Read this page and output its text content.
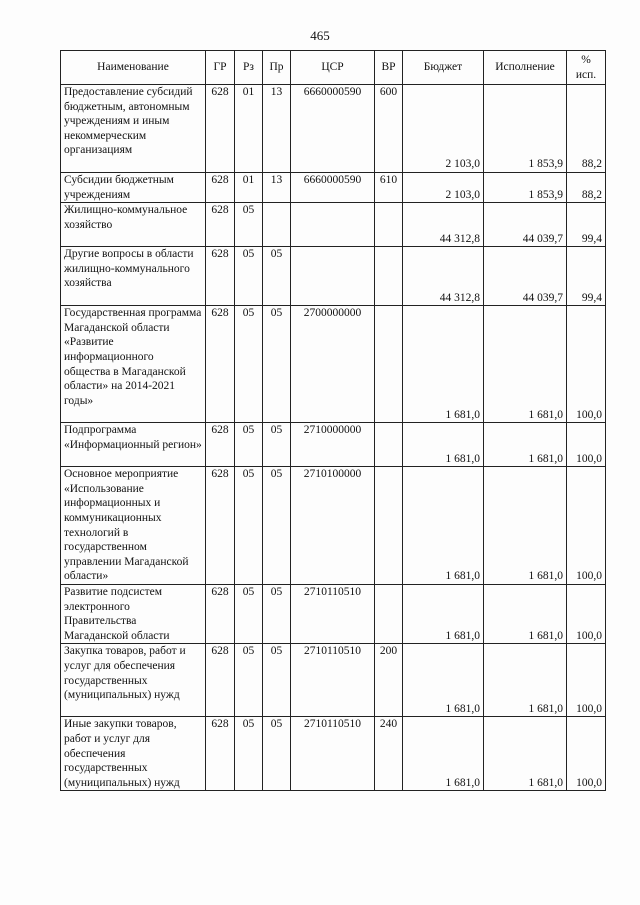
465
Наименование	ГР	Рз	Пр	ЦСР	ВР	Бюджет	Исполнение	%
исп.
Предоставление субсидий бюджетным, автономным учреждениям и иным некоммерческим организациям	628	01	13	6660000590	600	2 103,0	1 853,9	88,2
Субсидии бюджетным учреждениям	628	01	13	6660000590	610	2 103,0	1 853,9	88,2
Жилищно-коммунальное хозяйство	628	05				44 312,8	44 039,7	99,4
Другие вопросы в области жилищно-коммунального хозяйства	628	05	05			44 312,8	44 039,7	99,4
Государственная программа Магаданской области «Развитие информационного общества в Магаданской области» на 2014-2021 годы»	628	05	05	2700000000		1 681,0	1 681,0	100,0
Подпрограмма «Информационный регион»	628	05	05	2710000000		1 681,0	1 681,0	100,0
Основное мероприятие «Использование информационных и коммуникационных технологий в государственном управлении Магаданской области»	628	05	05	2710100000		1 681,0	1 681,0	100,0
Развитие подсистем электронного Правительства Магаданской области	628	05	05	2710110510		1 681,0	1 681,0	100,0
Закупка товаров, работ и услуг для обеспечения государственных (муниципальных) нужд	628	05	05	2710110510	200	1 681,0	1 681,0	100,0
Иные закупки товаров, работ и услуг для обеспечения государственных (муниципальных) нужд	628	05	05	2710110510	240	1 681,0	1 681,0	100,0
